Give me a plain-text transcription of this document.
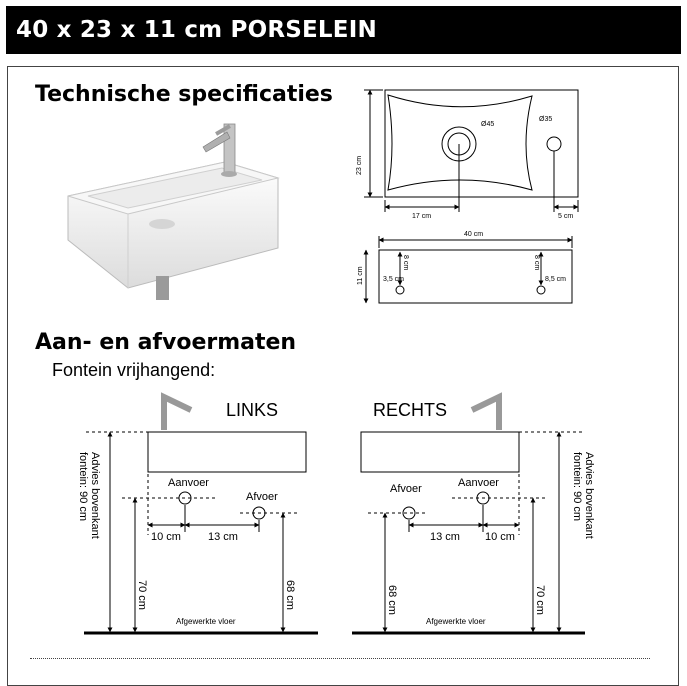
40 x 23 x 11 cm PORSELEIN
Technische specificaties
Aan- en afvoermaten
Fontein vrijhangend:
Ø45
Ø35
23 cm
17 cm	5 cm
40 cm
11 cm
8 cm
3,5 cm
8 cm
8,5 cm
LINKS
Advies bovenkant
fontein: 90 cm	Aanvoer
Afvoer
10 cm 13 cm
70 cm	68 cm
Afgewerkte vloer
RECHTS
Advies bovenkant
fontein: 90 cm
Aanvoer
Afvoer
13 cm 10 cm
68 cm	70 cm
Afgewerkte vloer
